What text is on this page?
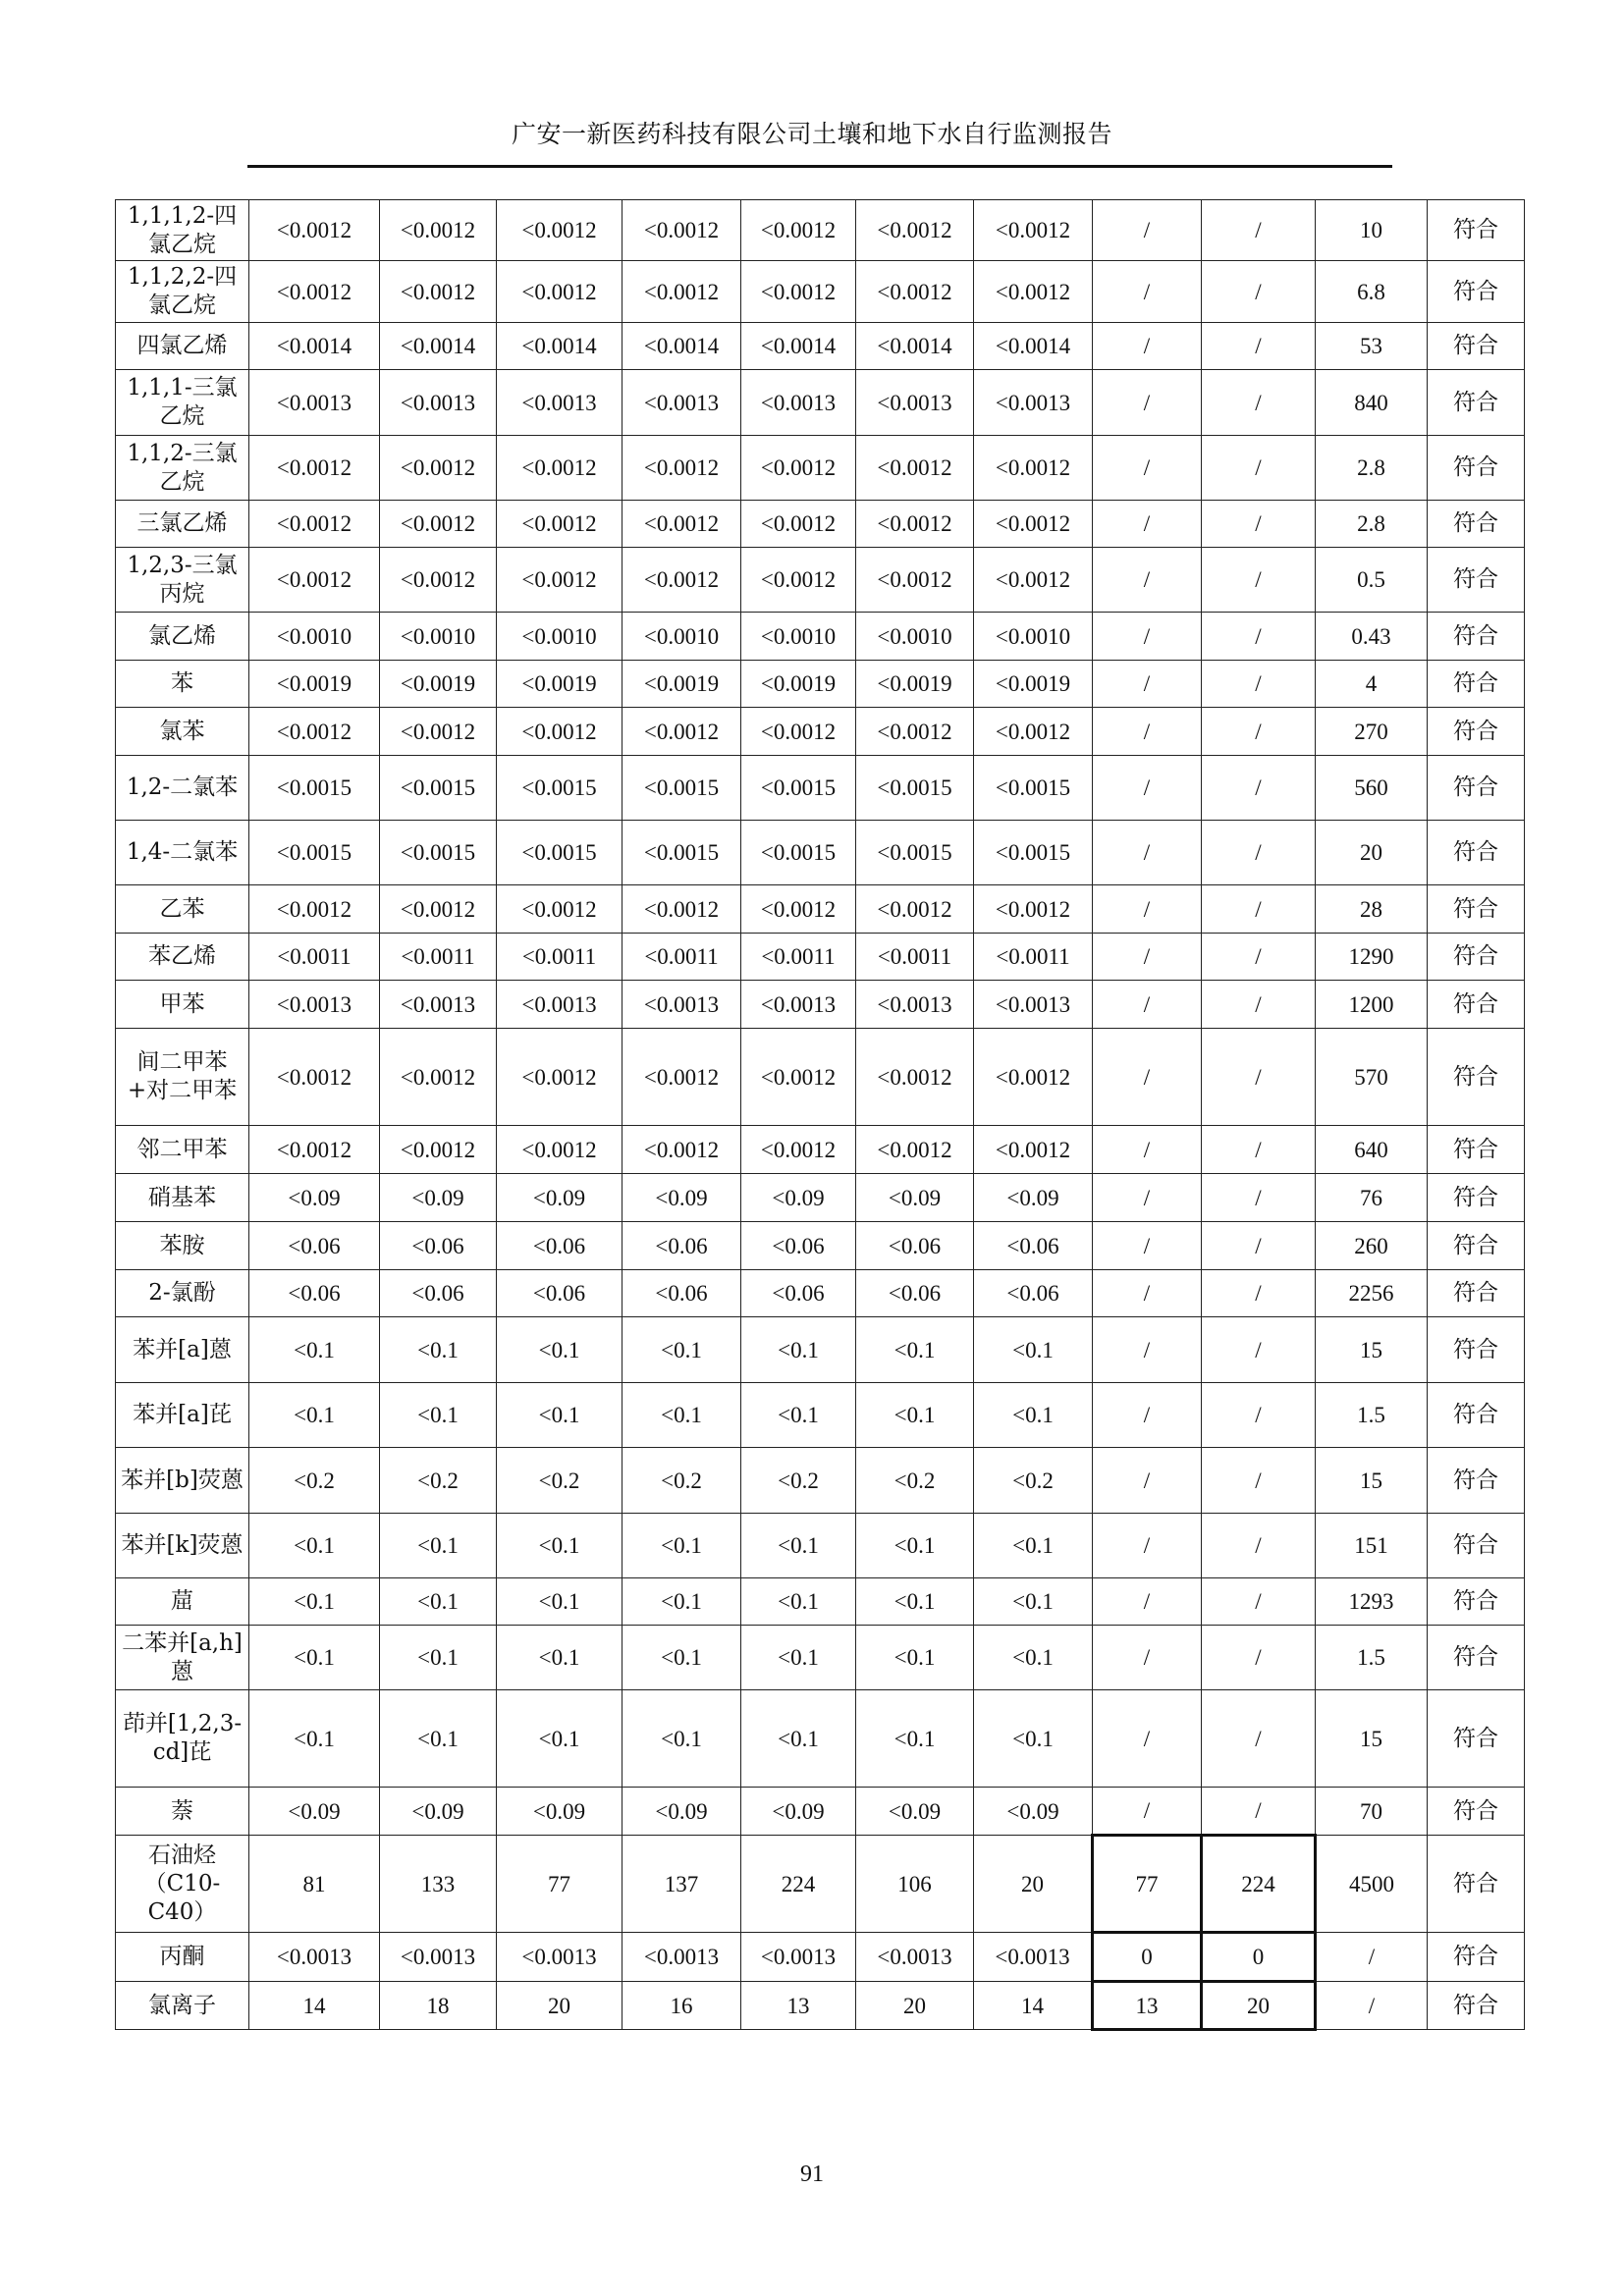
广安一新医药科技有限公司土壤和地下水自行监测报告
1,1,1,2-四氯乙烷	<0.0012	<0.0012	<0.0012	<0.0012	<0.0012	<0.0012	<0.0012	/	/	10	符合
1,1,2,2-四氯乙烷	<0.0012	<0.0012	<0.0012	<0.0012	<0.0012	<0.0012	<0.0012	/	/	6.8	符合
四氯乙烯	<0.0014	<0.0014	<0.0014	<0.0014	<0.0014	<0.0014	<0.0014	/	/	53	符合
1,1,1-三氯乙烷	<0.0013	<0.0013	<0.0013	<0.0013	<0.0013	<0.0013	<0.0013	/	/	840	符合
1,1,2-三氯乙烷	<0.0012	<0.0012	<0.0012	<0.0012	<0.0012	<0.0012	<0.0012	/	/	2.8	符合
三氯乙烯	<0.0012	<0.0012	<0.0012	<0.0012	<0.0012	<0.0012	<0.0012	/	/	2.8	符合
1,2,3-三氯丙烷	<0.0012	<0.0012	<0.0012	<0.0012	<0.0012	<0.0012	<0.0012	/	/	0.5	符合
氯乙烯	<0.0010	<0.0010	<0.0010	<0.0010	<0.0010	<0.0010	<0.0010	/	/	0.43	符合
苯	<0.0019	<0.0019	<0.0019	<0.0019	<0.0019	<0.0019	<0.0019	/	/	4	符合
氯苯	<0.0012	<0.0012	<0.0012	<0.0012	<0.0012	<0.0012	<0.0012	/	/	270	符合
1,2-二氯苯	<0.0015	<0.0015	<0.0015	<0.0015	<0.0015	<0.0015	<0.0015	/	/	560	符合
1,4-二氯苯	<0.0015	<0.0015	<0.0015	<0.0015	<0.0015	<0.0015	<0.0015	/	/	20	符合
乙苯	<0.0012	<0.0012	<0.0012	<0.0012	<0.0012	<0.0012	<0.0012	/	/	28	符合
苯乙烯	<0.0011	<0.0011	<0.0011	<0.0011	<0.0011	<0.0011	<0.0011	/	/	1290	符合
甲苯	<0.0013	<0.0013	<0.0013	<0.0013	<0.0013	<0.0013	<0.0013	/	/	1200	符合
间二甲苯+对二甲苯	<0.0012	<0.0012	<0.0012	<0.0012	<0.0012	<0.0012	<0.0012	/	/	570	符合
邻二甲苯	<0.0012	<0.0012	<0.0012	<0.0012	<0.0012	<0.0012	<0.0012	/	/	640	符合
硝基苯	<0.09	<0.09	<0.09	<0.09	<0.09	<0.09	<0.09	/	/	76	符合
苯胺	<0.06	<0.06	<0.06	<0.06	<0.06	<0.06	<0.06	/	/	260	符合
2-氯酚	<0.06	<0.06	<0.06	<0.06	<0.06	<0.06	<0.06	/	/	2256	符合
苯并[a]蒽	<0.1	<0.1	<0.1	<0.1	<0.1	<0.1	<0.1	/	/	15	符合
苯并[a]芘	<0.1	<0.1	<0.1	<0.1	<0.1	<0.1	<0.1	/	/	1.5	符合
苯并[b]荧蒽	<0.2	<0.2	<0.2	<0.2	<0.2	<0.2	<0.2	/	/	15	符合
苯并[k]荧蒽	<0.1	<0.1	<0.1	<0.1	<0.1	<0.1	<0.1	/	/	151	符合
䓛	<0.1	<0.1	<0.1	<0.1	<0.1	<0.1	<0.1	/	/	1293	符合
二苯并[a,h]蒽	<0.1	<0.1	<0.1	<0.1	<0.1	<0.1	<0.1	/	/	1.5	符合
茚并[1,2,3-cd]芘	<0.1	<0.1	<0.1	<0.1	<0.1	<0.1	<0.1	/	/	15	符合
萘	<0.09	<0.09	<0.09	<0.09	<0.09	<0.09	<0.09	/	/	70	符合
石油烃（C10-C40）	81	133	77	137	224	106	20	77	224	4500	符合
丙酮	<0.0013	<0.0013	<0.0013	<0.0013	<0.0013	<0.0013	<0.0013	0	0	/	符合
氯离子	14	18	20	16	13	20	14	13	20	/	符合
91
